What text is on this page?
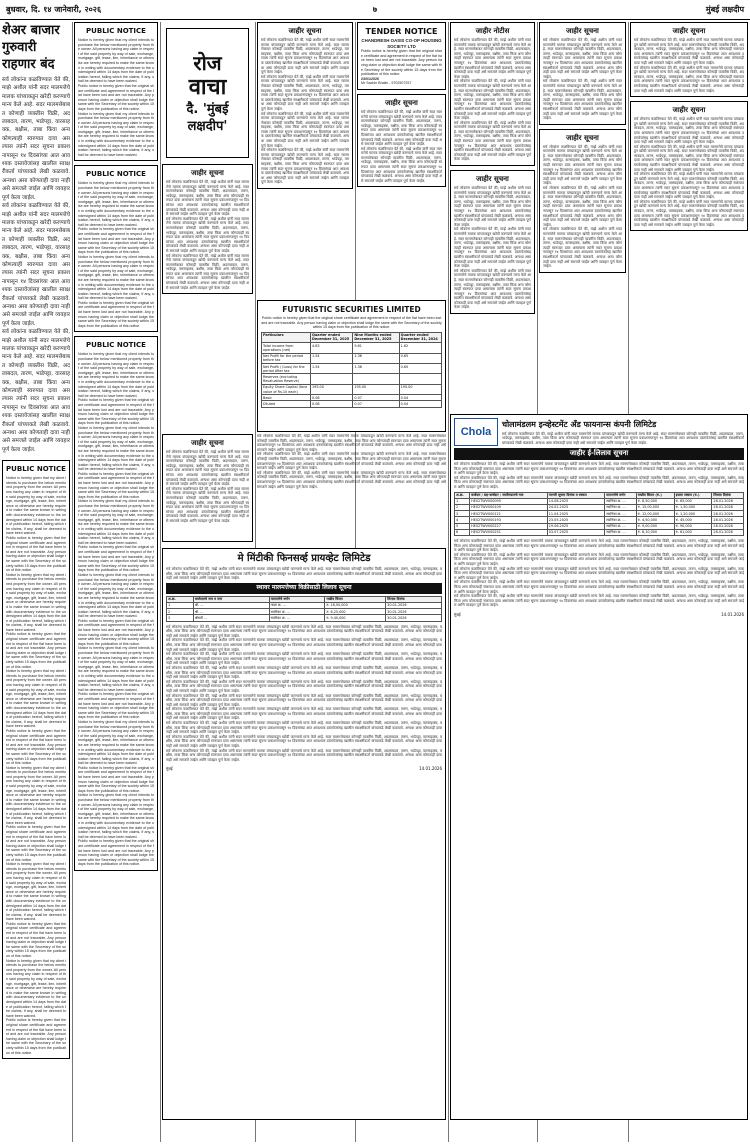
बुधवार, दि. १४ जानेवारी, २०२६	७	मुंबई लक्षदीप
शेअर बाजार गुरुवारी राहणार बंद
सर्व लोकांना कळविण्यात येते की, माझे अशील यांनी सदर मालमत्तेचे मालक यांच्याकडून खरेदी करण्याचे मान्य केले आहे. सदर मालमत्तेबाबत कोणाही व्यक्तीस विक्री, अदलाबदल, तारण, भाडेपट्टा, वारसाहक्क, बक्षीस, ताबा किंवा अन्य कोणत्याही स्वरुपात दावा असल्यास त्यांनी सदर सूचना प्रकाशनापासून १४ दिवसांच्या आत आवश्यक दस्तावेजांसह खालील स्वाक्षरीकर्ता यांच्याकडे लेखी कळवावे. अन्यथा असा कोणताही दावा नाही असे समजले जाईल आणि व्यवहार पूर्ण केला जाईल.
सर्व लोकांना कळविण्यात येते की, माझे अशील यांनी सदर मालमत्तेचे मालक यांच्याकडून खरेदी करण्याचे मान्य केले आहे. सदर मालमत्तेबाबत कोणाही व्यक्तीस विक्री, अदलाबदल, तारण, भाडेपट्टा, वारसाहक्क, बक्षीस, ताबा किंवा अन्य कोणत्याही स्वरुपात दावा असल्यास त्यांनी सदर सूचना प्रकाशनापासून १४ दिवसांच्या आत आवश्यक दस्तावेजांसह खालील स्वाक्षरीकर्ता यांच्याकडे लेखी कळवावे. अन्यथा असा कोणताही दावा नाही असे समजले जाईल आणि व्यवहार पूर्ण केला जाईल.
सर्व लोकांना कळविण्यात येते की, माझे अशील यांनी सदर मालमत्तेचे मालक यांच्याकडून खरेदी करण्याचे मान्य केले आहे. सदर मालमत्तेबाबत कोणाही व्यक्तीस विक्री, अदलाबदल, तारण, भाडेपट्टा, वारसाहक्क, बक्षीस, ताबा किंवा अन्य कोणत्याही स्वरुपात दावा असल्यास त्यांनी सदर सूचना प्रकाशनापासून १४ दिवसांच्या आत आवश्यक दस्तावेजांसह खालील स्वाक्षरीकर्ता यांच्याकडे लेखी कळवावे. अन्यथा असा कोणताही दावा नाही असे समजले जाईल आणि व्यवहार पूर्ण केला जाईल.
PUBLIC NOTICE
Notice is hereby given that my client intends to purchase the below mentioned property from the owner. All persons having any claim in respect of the said property by way of sale, exchange, mortgage, gift, lease, lien, inheritance or otherwise are hereby required to make the same known in writing with documentary evidence to the undersigned within 14 days from the date of publication hereof, failing which the claims, if any, shall be deemed to have been waived.
Public notice is hereby given that the original share certificate and agreement in respect of the flat have been lost and are not traceable. Any person having claim or objection shall lodge the same with the Secretary of the society within 15 days from the publication of this notice.
Notice is hereby given that my client intends to purchase the below mentioned property from the owner. All persons having any claim in respect of the said property by way of sale, exchange, mortgage, gift, lease, lien, inheritance or otherwise are hereby required to make the same known in writing with documentary evidence to the undersigned within 14 days from the date of publication hereof, failing which the claims, if any, shall be deemed to have been waived.
Public notice is hereby given that the original share certificate and agreement in respect of the flat have been lost and are not traceable. Any person having claim or objection shall lodge the same with the Secretary of the society within 15 days from the publication of this notice.
Notice is hereby given that my client intends to purchase the below mentioned property from the owner. All persons having any claim in respect of the said property by way of sale, exchange, mortgage, gift, lease, lien, inheritance or otherwise are hereby required to make the same known in writing with documentary evidence to the undersigned within 14 days from the date of publication hereof, failing which the claims, if any, shall be deemed to have been waived.
Public notice is hereby given that the original share certificate and agreement in respect of the flat have been lost and are not traceable. Any person having claim or objection shall lodge the same with the Secretary of the society within 15 days from the publication of this notice.
Notice is hereby given that my client intends to purchase the below mentioned property from the owner. All persons having any claim in respect of the said property by way of sale, exchange, mortgage, gift, lease, lien, inheritance or otherwise are hereby required to make the same known in writing with documentary evidence to the undersigned within 14 days from the date of publication hereof, failing which the claims, if any, shall be deemed to have been waived.
Public notice is hereby given that the original share certificate and agreement in respect of the flat have been lost and are not traceable. Any person having claim or objection shall lodge the same with the Secretary of the society within 15 days from the publication of this notice.
Notice is hereby given that my client intends to purchase the below mentioned property from the owner. All persons having any claim in respect of the said property by way of sale, exchange, mortgage, gift, lease, lien, inheritance or otherwise are hereby required to make the same known in writing with documentary evidence to the undersigned within 14 days from the date of publication hereof, failing which the claims, if any, shall be deemed to have been waived.
Public notice is hereby given that the original share certificate and agreement in respect of the flat have been lost and are not traceable. Any person having claim or objection shall lodge the same with the Secretary of the society within 15 days from the publication of this notice.
Notice is hereby given that my client intends to purchase the below mentioned property from the owner. All persons having any claim in respect of the said property by way of sale, exchange, mortgage, gift, lease, lien, inheritance or otherwise are hereby required to make the same known in writing with documentary evidence to the undersigned within 14 days from the date of publication hereof, failing which the claims, if any, shall be deemed to have been waived.
Public notice is hereby given that the original share certificate and agreement in respect of the flat have been lost and are not traceable. Any person having claim or objection shall lodge the same with the Secretary of the society within 15 days from the publication of this notice.
PUBLIC NOTICE
Notice is hereby given that my client intends to purchase the below mentioned property from the owner. All persons having any claim in respect of the said property by way of sale, exchange, mortgage, gift, lease, lien, inheritance or otherwise are hereby required to make the same known in writing with documentary evidence to the undersigned within 14 days from the date of publication hereof, failing which the claims, if any, shall be deemed to have been waived.
Public notice is hereby given that the original share certificate and agreement in respect of the flat have been lost and are not traceable. Any person having claim or objection shall lodge the same with the Secretary of the society within 15 days from the publication of this notice.
Notice is hereby given that my client intends to purchase the below mentioned property from the owner. All persons having any claim in respect of the said property by way of sale, exchange, mortgage, gift, lease, lien, inheritance or otherwise are hereby required to make the same known in writing with documentary evidence to the undersigned within 14 days from the date of publication hereof, failing which the claims, if any, shall be deemed to have been waived.
PUBLIC NOTICE
Notice is hereby given that my client intends to purchase the below mentioned property from the owner. All persons having any claim in respect of the said property by way of sale, exchange, mortgage, gift, lease, lien, inheritance or otherwise are hereby required to make the same known in writing with documentary evidence to the undersigned within 14 days from the date of publication hereof, failing which the claims, if any, shall be deemed to have been waived.
Public notice is hereby given that the original share certificate and agreement in respect of the flat have been lost and are not traceable. Any person having claim or objection shall lodge the same with the Secretary of the society within 15 days from the publication of this notice.
Notice is hereby given that my client intends to purchase the below mentioned property from the owner. All persons having any claim in respect of the said property by way of sale, exchange, mortgage, gift, lease, lien, inheritance or otherwise are hereby required to make the same known in writing with documentary evidence to the undersigned within 14 days from the date of publication hereof, failing which the claims, if any, shall be deemed to have been waived.
Public notice is hereby given that the original share certificate and agreement in respect of the flat have been lost and are not traceable. Any person having claim or objection shall lodge the same with the Secretary of the society within 15 days from the publication of this notice.
PUBLIC NOTICE
Notice is hereby given that my client intends to purchase the below mentioned property from the owner. All persons having any claim in respect of the said property by way of sale, exchange, mortgage, gift, lease, lien, inheritance or otherwise are hereby required to make the same known in writing with documentary evidence to the undersigned within 14 days from the date of publication hereof, failing which the claims, if any, shall be deemed to have been waived.
Public notice is hereby given that the original share certificate and agreement in respect of the flat have been lost and are not traceable. Any person having claim or objection shall lodge the same with the Secretary of the society within 15 days from the publication of this notice.
Notice is hereby given that my client intends to purchase the below mentioned property from the owner. All persons having any claim in respect of the said property by way of sale, exchange, mortgage, gift, lease, lien, inheritance or otherwise are hereby required to make the same known in writing with documentary evidence to the undersigned within 14 days from the date of publication hereof, failing which the claims, if any, shall be deemed to have been waived.
Public notice is hereby given that the original share certificate and agreement in respect of the flat have been lost and are not traceable. Any person having claim or objection shall lodge the same with the Secretary of the society within 15 days from the publication of this notice.
Notice is hereby given that my client intends to purchase the below mentioned property from the owner. All persons having any claim in respect of the said property by way of sale, exchange, mortgage, gift, lease, lien, inheritance or otherwise are hereby required to make the same known in writing with documentary evidence to the undersigned within 14 days from the date of publication hereof, failing which the claims, if any, shall be deemed to have been waived.
Public notice is hereby given that the original share certificate and agreement in respect of the flat have been lost and are not traceable. Any person having claim or objection shall lodge the same with the Secretary of the society within 15 days from the publication of this notice.
Notice is hereby given that my client intends to purchase the below mentioned property from the owner. All persons having any claim in respect of the said property by way of sale, exchange, mortgage, gift, lease, lien, inheritance or otherwise are hereby required to make the same known in writing with documentary evidence to the undersigned within 14 days from the date of publication hereof, failing which the claims, if any, shall be deemed to have been waived.
Public notice is hereby given that the original share certificate and agreement in respect of the flat have been lost and are not traceable. Any person having claim or objection shall lodge the same with the Secretary of the society within 15 days from the publication of this notice.
Notice is hereby given that my client intends to purchase the below mentioned property from the owner. All persons having any claim in respect of the said property by way of sale, exchange, mortgage, gift, lease, lien, inheritance or otherwise are hereby required to make the same known in writing with documentary evidence to the undersigned within 14 days from the date of publication hereof, failing which the claims, if any, shall be deemed to have been waived.
Public notice is hereby given that the original share certificate and agreement in respect of the flat have been lost and are not traceable. Any person having claim or objection shall lodge the same with the Secretary of the society within 15 days from the publication of this notice.
Notice is hereby given that my client intends to purchase the below mentioned property from the owner. All persons having any claim in respect of the said property by way of sale, exchange, mortgage, gift, lease, lien, inheritance or otherwise are hereby required to make the same known in writing with documentary evidence to the undersigned within 14 days from the date of publication hereof, failing which the claims, if any, shall be deemed to have been waived.
Public notice is hereby given that the original share certificate and agreement in respect of the flat have been lost and are not traceable. Any person having claim or objection shall lodge the same with the Secretary of the society within 15 days from the publication of this notice.
Notice is hereby given that my client intends to purchase the below mentioned property from the owner. All persons having any claim in respect of the said property by way of sale, exchange, mortgage, gift, lease, lien, inheritance or otherwise are hereby required to make the same known in writing with documentary evidence to the undersigned within 14 days from the date of publication hereof, failing which the claims, if any, shall be deemed to have been waived.
Public notice is hereby given that the original share certificate and agreement in respect of the flat have been lost and are not traceable. Any person having claim or objection shall lodge the same with the Secretary of the society within 15 days from the publication of this notice.
रोज
वाचा
दै. 'मुंबई
लक्षदीप'
जाहीर सूचना
सर्व लोकांना कळविण्यात येते की, माझे अशील यांनी सदर मालमत्तेचे मालक यांच्याकडून खरेदी करण्याचे मान्य केले आहे. सदर मालमत्तेबाबत कोणाही व्यक्तीस विक्री, अदलाबदल, तारण, भाडेपट्टा, वारसाहक्क, बक्षीस, ताबा किंवा अन्य कोणत्याही स्वरुपात दावा असल्यास त्यांनी सदर सूचना प्रकाशनापासून १४ दिवसांच्या आत आवश्यक दस्तावेजांसह खालील स्वाक्षरीकर्ता यांच्याकडे लेखी कळवावे. अन्यथा असा कोणताही दावा नाही असे समजले जाईल आणि व्यवहार पूर्ण केला जाईल.
सर्व लोकांना कळविण्यात येते की, माझे अशील यांनी सदर मालमत्तेचे मालक यांच्याकडून खरेदी करण्याचे मान्य केले आहे. सदर मालमत्तेबाबत कोणाही व्यक्तीस विक्री, अदलाबदल, तारण, भाडेपट्टा, वारसाहक्क, बक्षीस, ताबा किंवा अन्य कोणत्याही स्वरुपात दावा असल्यास त्यांनी सदर सूचना प्रकाशनापासून १४ दिवसांच्या आत आवश्यक दस्तावेजांसह खालील स्वाक्षरीकर्ता यांच्याकडे लेखी कळवावे. अन्यथा असा कोणताही दावा नाही असे समजले जाईल आणि व्यवहार पूर्ण केला जाईल.
सर्व लोकांना कळविण्यात येते की, माझे अशील यांनी सदर मालमत्तेचे मालक यांच्याकडून खरेदी करण्याचे मान्य केले आहे. सदर मालमत्तेबाबत कोणाही व्यक्तीस विक्री, अदलाबदल, तारण, भाडेपट्टा, वारसाहक्क, बक्षीस, ताबा किंवा अन्य कोणत्याही स्वरुपात दावा असल्यास त्यांनी सदर सूचना प्रकाशनापासून १४ दिवसांच्या आत आवश्यक दस्तावेजांसह खालील स्वाक्षरीकर्ता यांच्याकडे लेखी कळवावे. अन्यथा असा कोणताही दावा नाही असे समजले जाईल आणि व्यवहार पूर्ण केला जाईल.
जाहीर सूचना
सर्व लोकांना कळविण्यात येते की, माझे अशील यांनी सदर मालमत्तेचे मालक यांच्याकडून खरेदी करण्याचे मान्य केले आहे. सदर मालमत्तेबाबत कोणाही व्यक्तीस विक्री, अदलाबदल, तारण, भाडेपट्टा, वारसाहक्क, बक्षीस, ताबा किंवा अन्य कोणत्याही स्वरुपात दावा असल्यास त्यांनी सदर सूचना प्रकाशनापासून १४ दिवसांच्या आत आवश्यक दस्तावेजांसह खालील स्वाक्षरीकर्ता यांच्याकडे लेखी कळवावे. अन्यथा असा कोणताही दावा नाही असे समजले जाईल आणि व्यवहार पूर्ण केला जाईल.
सर्व लोकांना कळविण्यात येते की, माझे अशील यांनी सदर मालमत्तेचे मालक यांच्याकडून खरेदी करण्याचे मान्य केले आहे. सदर मालमत्तेबाबत कोणाही व्यक्तीस विक्री, अदलाबदल, तारण, भाडेपट्टा, वारसाहक्क, बक्षीस, ताबा किंवा अन्य कोणत्याही स्वरुपात दावा असल्यास त्यांनी सदर सूचना प्रकाशनापासून १४ दिवसांच्या आत आवश्यक दस्तावेजांसह खालील स्वाक्षरीकर्ता यांच्याकडे लेखी कळवावे. अन्यथा असा कोणताही दावा नाही असे समजले जाईल आणि व्यवहार पूर्ण केला जाईल.
सर्व लोकांना कळविण्यात येते की, माझे अशील यांनी सदर मालमत्तेचे मालक यांच्याकडून खरेदी करण्याचे मान्य केले आहे. सदर मालमत्तेबाबत कोणाही व्यक्तीस विक्री, अदलाबदल, तारण, भाडेपट्टा, वारसाहक्क, बक्षीस, ताबा किंवा अन्य कोणत्याही स्वरुपात दावा असल्यास त्यांनी सदर सूचना प्रकाशनापासून १४ दिवसांच्या आत आवश्यक दस्तावेजांसह खालील स्वाक्षरीकर्ता यांच्याकडे लेखी कळवावे. अन्यथा असा कोणताही दावा नाही असे समजले जाईल आणि व्यवहार पूर्ण केला जाईल.
सर्व लोकांना कळविण्यात येते की, माझे अशील यांनी सदर मालमत्तेचे मालक यांच्याकडून खरेदी करण्याचे मान्य केले आहे. सदर मालमत्तेबाबत कोणाही व्यक्तीस विक्री, अदलाबदल, तारण, भाडेपट्टा, वारसाहक्क, बक्षीस, ताबा किंवा अन्य कोणत्याही स्वरुपात दावा असल्यास त्यांनी सदर सूचना प्रकाशनापासून १४ दिवसांच्या आत आवश्यक दस्तावेजांसह खालील स्वाक्षरीकर्ता यांच्याकडे लेखी कळवावे. अन्यथा असा कोणताही दावा नाही असे समजले जाईल आणि व्यवहार पूर्ण केला जाईल.
TENDER NOTICE
CHANDRESH OASIS CO-OP HOUSING SOCIETY LTD
Public notice is hereby given that the original share certificate and agreement in respect of the flat have been lost and are not traceable. Any person having claim or objection shall lodge the same with the Secretary of the society within 15 days from the publication of this notice.
23/01/2026
Mr Sachin Bhalin - 9702507257
जाहीर सूचना
सर्व लोकांना कळविण्यात येते की, माझे अशील यांनी सदर मालमत्तेचे मालक यांच्याकडून खरेदी करण्याचे मान्य केले आहे. सदर मालमत्तेबाबत कोणाही व्यक्तीस विक्री, अदलाबदल, तारण, भाडेपट्टा, वारसाहक्क, बक्षीस, ताबा किंवा अन्य कोणत्याही स्वरुपात दावा असल्यास त्यांनी सदर सूचना प्रकाशनापासून १४ दिवसांच्या आत आवश्यक दस्तावेजांसह खालील स्वाक्षरीकर्ता यांच्याकडे लेखी कळवावे. अन्यथा असा कोणताही दावा नाही असे समजले जाईल आणि व्यवहार पूर्ण केला जाईल.
सर्व लोकांना कळविण्यात येते की, माझे अशील यांनी सदर मालमत्तेचे मालक यांच्याकडून खरेदी करण्याचे मान्य केले आहे. सदर मालमत्तेबाबत कोणाही व्यक्तीस विक्री, अदलाबदल, तारण, भाडेपट्टा, वारसाहक्क, बक्षीस, ताबा किंवा अन्य कोणत्याही स्वरुपात दावा असल्यास त्यांनी सदर सूचना प्रकाशनापासून १४ दिवसांच्या आत आवश्यक दस्तावेजांसह खालील स्वाक्षरीकर्ता यांच्याकडे लेखी कळवावे. अन्यथा असा कोणताही दावा नाही असे समजले जाईल आणि व्यवहार पूर्ण केला जाईल.
जाहीर नोटीस
सर्व लोकांना कळविण्यात येते की, माझे अशील यांनी सदर मालमत्तेचे मालक यांच्याकडून खरेदी करण्याचे मान्य केले आहे. सदर मालमत्तेबाबत कोणाही व्यक्तीस विक्री, अदलाबदल, तारण, भाडेपट्टा, वारसाहक्क, बक्षीस, ताबा किंवा अन्य कोणत्याही स्वरुपात दावा असल्यास त्यांनी सदर सूचना प्रकाशनापासून १४ दिवसांच्या आत आवश्यक दस्तावेजांसह खालील स्वाक्षरीकर्ता यांच्याकडे लेखी कळवावे. अन्यथा असा कोणताही दावा नाही असे समजले जाईल आणि व्यवहार पूर्ण केला जाईल.
सर्व लोकांना कळविण्यात येते की, माझे अशील यांनी सदर मालमत्तेचे मालक यांच्याकडून खरेदी करण्याचे मान्य केले आहे. सदर मालमत्तेबाबत कोणाही व्यक्तीस विक्री, अदलाबदल, तारण, भाडेपट्टा, वारसाहक्क, बक्षीस, ताबा किंवा अन्य कोणत्याही स्वरुपात दावा असल्यास त्यांनी सदर सूचना प्रकाशनापासून १४ दिवसांच्या आत आवश्यक दस्तावेजांसह खालील स्वाक्षरीकर्ता यांच्याकडे लेखी कळवावे. अन्यथा असा कोणताही दावा नाही असे समजले जाईल आणि व्यवहार पूर्ण केला जाईल.
सर्व लोकांना कळविण्यात येते की, माझे अशील यांनी सदर मालमत्तेचे मालक यांच्याकडून खरेदी करण्याचे मान्य केले आहे. सदर मालमत्तेबाबत कोणाही व्यक्तीस विक्री, अदलाबदल, तारण, भाडेपट्टा, वारसाहक्क, बक्षीस, ताबा किंवा अन्य कोणत्याही स्वरुपात दावा असल्यास त्यांनी सदर सूचना प्रकाशनापासून १४ दिवसांच्या आत आवश्यक दस्तावेजांसह खालील स्वाक्षरीकर्ता यांच्याकडे लेखी कळवावे. अन्यथा असा कोणताही दावा नाही असे समजले जाईल आणि व्यवहार पूर्ण केला जाईल.
जाहीर सूचना
सर्व लोकांना कळविण्यात येते की, माझे अशील यांनी सदर मालमत्तेचे मालक यांच्याकडून खरेदी करण्याचे मान्य केले आहे. सदर मालमत्तेबाबत कोणाही व्यक्तीस विक्री, अदलाबदल, तारण, भाडेपट्टा, वारसाहक्क, बक्षीस, ताबा किंवा अन्य कोणत्याही स्वरुपात दावा असल्यास त्यांनी सदर सूचना प्रकाशनापासून १४ दिवसांच्या आत आवश्यक दस्तावेजांसह खालील स्वाक्षरीकर्ता यांच्याकडे लेखी कळवावे. अन्यथा असा कोणताही दावा नाही असे समजले जाईल आणि व्यवहार पूर्ण केला जाईल.
सर्व लोकांना कळविण्यात येते की, माझे अशील यांनी सदर मालमत्तेचे मालक यांच्याकडून खरेदी करण्याचे मान्य केले आहे. सदर मालमत्तेबाबत कोणाही व्यक्तीस विक्री, अदलाबदल, तारण, भाडेपट्टा, वारसाहक्क, बक्षीस, ताबा किंवा अन्य कोणत्याही स्वरुपात दावा असल्यास त्यांनी सदर सूचना प्रकाशनापासून १४ दिवसांच्या आत आवश्यक दस्तावेजांसह खालील स्वाक्षरीकर्ता यांच्याकडे लेखी कळवावे. अन्यथा असा कोणताही दावा नाही असे समजले जाईल आणि व्यवहार पूर्ण केला जाईल.
सर्व लोकांना कळविण्यात येते की, माझे अशील यांनी सदर मालमत्तेचे मालक यांच्याकडून खरेदी करण्याचे मान्य केले आहे. सदर मालमत्तेबाबत कोणाही व्यक्तीस विक्री, अदलाबदल, तारण, भाडेपट्टा, वारसाहक्क, बक्षीस, ताबा किंवा अन्य कोणत्याही स्वरुपात दावा असल्यास त्यांनी सदर सूचना प्रकाशनापासून १४ दिवसांच्या आत आवश्यक दस्तावेजांसह खालील स्वाक्षरीकर्ता यांच्याकडे लेखी कळवावे. अन्यथा असा कोणताही दावा नाही असे समजले जाईल आणि व्यवहार पूर्ण केला जाईल.
जाहीर सूचना
सर्व लोकांना कळविण्यात येते की, माझे अशील यांनी सदर मालमत्तेचे मालक यांच्याकडून खरेदी करण्याचे मान्य केले आहे. सदर मालमत्तेबाबत कोणाही व्यक्तीस विक्री, अदलाबदल, तारण, भाडेपट्टा, वारसाहक्क, बक्षीस, ताबा किंवा अन्य कोणत्याही स्वरुपात दावा असल्यास त्यांनी सदर सूचना प्रकाशनापासून १४ दिवसांच्या आत आवश्यक दस्तावेजांसह खालील स्वाक्षरीकर्ता यांच्याकडे लेखी कळवावे. अन्यथा असा कोणताही दावा नाही असे समजले जाईल आणि व्यवहार पूर्ण केला जाईल.
सर्व लोकांना कळविण्यात येते की, माझे अशील यांनी सदर मालमत्तेचे मालक यांच्याकडून खरेदी करण्याचे मान्य केले आहे. सदर मालमत्तेबाबत कोणाही व्यक्तीस विक्री, अदलाबदल, तारण, भाडेपट्टा, वारसाहक्क, बक्षीस, ताबा किंवा अन्य कोणत्याही स्वरुपात दावा असल्यास त्यांनी सदर सूचना प्रकाशनापासून १४ दिवसांच्या आत आवश्यक दस्तावेजांसह खालील स्वाक्षरीकर्ता यांच्याकडे लेखी कळवावे. अन्यथा असा कोणताही दावा नाही असे समजले जाईल आणि व्यवहार पूर्ण केला जाईल.
जाहीर सूचना
सर्व लोकांना कळविण्यात येते की, माझे अशील यांनी सदर मालमत्तेचे मालक यांच्याकडून खरेदी करण्याचे मान्य केले आहे. सदर मालमत्तेबाबत कोणाही व्यक्तीस विक्री, अदलाबदल, तारण, भाडेपट्टा, वारसाहक्क, बक्षीस, ताबा किंवा अन्य कोणत्याही स्वरुपात दावा असल्यास त्यांनी सदर सूचना प्रकाशनापासून १४ दिवसांच्या आत आवश्यक दस्तावेजांसह खालील स्वाक्षरीकर्ता यांच्याकडे लेखी कळवावे. अन्यथा असा कोणताही दावा नाही असे समजले जाईल आणि व्यवहार पूर्ण केला जाईल.
सर्व लोकांना कळविण्यात येते की, माझे अशील यांनी सदर मालमत्तेचे मालक यांच्याकडून खरेदी करण्याचे मान्य केले आहे. सदर मालमत्तेबाबत कोणाही व्यक्तीस विक्री, अदलाबदल, तारण, भाडेपट्टा, वारसाहक्क, बक्षीस, ताबा किंवा अन्य कोणत्याही स्वरुपात दावा असल्यास त्यांनी सदर सूचना प्रकाशनापासून १४ दिवसांच्या आत आवश्यक दस्तावेजांसह खालील स्वाक्षरीकर्ता यांच्याकडे लेखी कळवावे. अन्यथा असा कोणताही दावा नाही असे समजले जाईल आणि व्यवहार पूर्ण केला जाईल.
सर्व लोकांना कळविण्यात येते की, माझे अशील यांनी सदर मालमत्तेचे मालक यांच्याकडून खरेदी करण्याचे मान्य केले आहे. सदर मालमत्तेबाबत कोणाही व्यक्तीस विक्री, अदलाबदल, तारण, भाडेपट्टा, वारसाहक्क, बक्षीस, ताबा किंवा अन्य कोणत्याही स्वरुपात दावा असल्यास त्यांनी सदर सूचना प्रकाशनापासून १४ दिवसांच्या आत आवश्यक दस्तावेजांसह खालील स्वाक्षरीकर्ता यांच्याकडे लेखी कळवावे. अन्यथा असा कोणताही दावा नाही असे समजले जाईल आणि व्यवहार पूर्ण केला जाईल.
जाहीर सूचना
सर्व लोकांना कळविण्यात येते की, माझे अशील यांनी सदर मालमत्तेचे मालक यांच्याकडून खरेदी करण्याचे मान्य केले आहे. सदर मालमत्तेबाबत कोणाही व्यक्तीस विक्री, अदलाबदल, तारण, भाडेपट्टा, वारसाहक्क, बक्षीस, ताबा किंवा अन्य कोणत्याही स्वरुपात दावा असल्यास त्यांनी सदर सूचना प्रकाशनापासून १४ दिवसांच्या आत आवश्यक दस्तावेजांसह खालील स्वाक्षरीकर्ता यांच्याकडे लेखी कळवावे. अन्यथा असा कोणताही दावा नाही असे समजले जाईल आणि व्यवहार पूर्ण केला जाईल.
सर्व लोकांना कळविण्यात येते की, माझे अशील यांनी सदर मालमत्तेचे मालक यांच्याकडून खरेदी करण्याचे मान्य केले आहे. सदर मालमत्तेबाबत कोणाही व्यक्तीस विक्री, अदलाबदल, तारण, भाडेपट्टा, वारसाहक्क, बक्षीस, ताबा किंवा अन्य कोणत्याही स्वरुपात दावा असल्यास त्यांनी सदर सूचना प्रकाशनापासून १४ दिवसांच्या आत आवश्यक दस्तावेजांसह खालील स्वाक्षरीकर्ता यांच्याकडे लेखी कळवावे. अन्यथा असा कोणताही दावा नाही असे समजले जाईल आणि व्यवहार पूर्ण केला जाईल.
जाहीर सूचना
सर्व लोकांना कळविण्यात येते की, माझे अशील यांनी सदर मालमत्तेचे मालक यांच्याकडून खरेदी करण्याचे मान्य केले आहे. सदर मालमत्तेबाबत कोणाही व्यक्तीस विक्री, अदलाबदल, तारण, भाडेपट्टा, वारसाहक्क, बक्षीस, ताबा किंवा अन्य कोणत्याही स्वरुपात दावा असल्यास त्यांनी सदर सूचना प्रकाशनापासून १४ दिवसांच्या आत आवश्यक दस्तावेजांसह खालील स्वाक्षरीकर्ता यांच्याकडे लेखी कळवावे. अन्यथा असा कोणताही दावा नाही असे समजले जाईल आणि व्यवहार पूर्ण केला जाईल.
सर्व लोकांना कळविण्यात येते की, माझे अशील यांनी सदर मालमत्तेचे मालक यांच्याकडून खरेदी करण्याचे मान्य केले आहे. सदर मालमत्तेबाबत कोणाही व्यक्तीस विक्री, अदलाबदल, तारण, भाडेपट्टा, वारसाहक्क, बक्षीस, ताबा किंवा अन्य कोणत्याही स्वरुपात दावा असल्यास त्यांनी सदर सूचना प्रकाशनापासून १४ दिवसांच्या आत आवश्यक दस्तावेजांसह खालील स्वाक्षरीकर्ता यांच्याकडे लेखी कळवावे. अन्यथा असा कोणताही दावा नाही असे समजले जाईल आणि व्यवहार पूर्ण केला जाईल.
सर्व लोकांना कळविण्यात येते की, माझे अशील यांनी सदर मालमत्तेचे मालक यांच्याकडून खरेदी करण्याचे मान्य केले आहे. सदर मालमत्तेबाबत कोणाही व्यक्तीस विक्री, अदलाबदल, तारण, भाडेपट्टा, वारसाहक्क, बक्षीस, ताबा किंवा अन्य कोणत्याही स्वरुपात दावा असल्यास त्यांनी सदर सूचना प्रकाशनापासून १४ दिवसांच्या आत आवश्यक दस्तावेजांसह खालील स्वाक्षरीकर्ता यांच्याकडे लेखी कळवावे. अन्यथा असा कोणताही दावा नाही असे समजले जाईल आणि व्यवहार पूर्ण केला जाईल.
सर्व लोकांना कळविण्यात येते की, माझे अशील यांनी सदर मालमत्तेचे मालक यांच्याकडून खरेदी करण्याचे मान्य केले आहे. सदर मालमत्तेबाबत कोणाही व्यक्तीस विक्री, अदलाबदल, तारण, भाडेपट्टा, वारसाहक्क, बक्षीस, ताबा किंवा अन्य कोणत्याही स्वरुपात दावा असल्यास त्यांनी सदर सूचना प्रकाशनापासून १४ दिवसांच्या आत आवश्यक दस्तावेजांसह खालील स्वाक्षरीकर्ता यांच्याकडे लेखी कळवावे. अन्यथा असा कोणताही दावा नाही असे समजले जाईल आणि व्यवहार पूर्ण केला जाईल.
FUTURISTIC SECURITIES LIMITED
Public notice is hereby given that the original share certificate and agreement in respect of the flat have been lost and are not traceable. Any person having claim or objection shall lodge the same with the Secretary of the society within 15 days from the publication of this notice.
Particulars	Quarter ended December 31, 2025	Nine Months ended December 31, 2025	Quarter ended December 31, 2024
Total income from operations (net)	4.83	9.61	1.62
Net Profit for the period before tax	1.54	1.36	0.65
Net Profit / (Loss) for the period After tax	1.54	1.36	0.65
Reserves (excluding Revaluation Reserve)			
Equity Share Capital (face value of Rs.10 each)	195.00	195.00	195.00
Basic	0.08	0.07	0.04
Diluted	0.08	0.07	0.04
जाहीर सूचना
सर्व लोकांना कळविण्यात येते की, माझे अशील यांनी सदर मालमत्तेचे मालक यांच्याकडून खरेदी करण्याचे मान्य केले आहे. सदर मालमत्तेबाबत कोणाही व्यक्तीस विक्री, अदलाबदल, तारण, भाडेपट्टा, वारसाहक्क, बक्षीस, ताबा किंवा अन्य कोणत्याही स्वरुपात दावा असल्यास त्यांनी सदर सूचना प्रकाशनापासून १४ दिवसांच्या आत आवश्यक दस्तावेजांसह खालील स्वाक्षरीकर्ता यांच्याकडे लेखी कळवावे. अन्यथा असा कोणताही दावा नाही असे समजले जाईल आणि व्यवहार पूर्ण केला जाईल.
सर्व लोकांना कळविण्यात येते की, माझे अशील यांनी सदर मालमत्तेचे मालक यांच्याकडून खरेदी करण्याचे मान्य केले आहे. सदर मालमत्तेबाबत कोणाही व्यक्तीस विक्री, अदलाबदल, तारण, भाडेपट्टा, वारसाहक्क, बक्षीस, ताबा किंवा अन्य कोणत्याही स्वरुपात दावा असल्यास त्यांनी सदर सूचना प्रकाशनापासून १४ दिवसांच्या आत आवश्यक दस्तावेजांसह खालील स्वाक्षरीकर्ता यांच्याकडे लेखी कळवावे. अन्यथा असा कोणताही दावा नाही असे समजले जाईल आणि व्यवहार पूर्ण केला जाईल.
सर्व लोकांना कळविण्यात येते की, माझे अशील यांनी सदर मालमत्तेचे मालक यांच्याकडून खरेदी करण्याचे मान्य केले आहे. सदर मालमत्तेबाबत कोणाही व्यक्तीस विक्री, अदलाबदल, तारण, भाडेपट्टा, वारसाहक्क, बक्षीस, ताबा किंवा अन्य कोणत्याही स्वरुपात दावा असल्यास त्यांनी सदर सूचना प्रकाशनापासून १४ दिवसांच्या आत आवश्यक दस्तावेजांसह खालील स्वाक्षरीकर्ता यांच्याकडे लेखी कळवावे. अन्यथा असा कोणताही दावा नाही असे समजले जाईल आणि व्यवहार पूर्ण केला जाईल.
सर्व लोकांना कळविण्यात येते की, माझे अशील यांनी सदर मालमत्तेचे मालक यांच्याकडून खरेदी करण्याचे मान्य केले आहे. सदर मालमत्तेबाबत कोणाही व्यक्तीस विक्री, अदलाबदल, तारण, भाडेपट्टा, वारसाहक्क, बक्षीस, ताबा किंवा अन्य कोणत्याही स्वरुपात दावा असल्यास त्यांनी सदर सूचना प्रकाशनापासून १४ दिवसांच्या आत आवश्यक दस्तावेजांसह खालील स्वाक्षरीकर्ता यांच्याकडे लेखी कळवावे. अन्यथा असा कोणताही दावा नाही असे समजले जाईल आणि व्यवहार पूर्ण केला जाईल.
सर्व लोकांना कळविण्यात येते की, माझे अशील यांनी सदर मालमत्तेचे मालक यांच्याकडून खरेदी करण्याचे मान्य केले आहे. सदर मालमत्तेबाबत कोणाही व्यक्तीस विक्री, अदलाबदल, तारण, भाडेपट्टा, वारसाहक्क, बक्षीस, ताबा किंवा अन्य कोणत्याही स्वरुपात दावा असल्यास त्यांनी सदर सूचना प्रकाशनापासून १४ दिवसांच्या आत आवश्यक दस्तावेजांसह खालील स्वाक्षरीकर्ता यांच्याकडे लेखी कळवावे. अन्यथा असा कोणताही दावा नाही असे समजले जाईल आणि व्यवहार पूर्ण केला जाईल.
मे मिंटीकी फिनसर्व्ह प्रायव्हेट लिमिटेड
सर्व लोकांना कळविण्यात येते की, माझे अशील यांनी सदर मालमत्तेचे मालक यांच्याकडून खरेदी करण्याचे मान्य केले आहे. सदर मालमत्तेबाबत कोणाही व्यक्तीस विक्री, अदलाबदल, तारण, भाडेपट्टा, वारसाहक्क, बक्षीस, ताबा किंवा अन्य कोणत्याही स्वरुपात दावा असल्यास त्यांनी सदर सूचना प्रकाशनापासून १४ दिवसांच्या आत आवश्यक दस्तावेजांसह खालील स्वाक्षरीकर्ता यांच्याकडे लेखी कळवावे. अन्यथा असा कोणताही दावा नाही असे समजले जाईल आणि व्यवहार पूर्ण केला जाईल.
स्थावर मालमत्तेच्या विक्रीसाठी लिलाव सूचना
अ.क्र.	कर्जदाराचे नाव व पत्ता	मालमत्तेचे वर्णन	राखीव किंमत	लिलाव दिनांक
1	श्री. ...	गाळा क्र. ...	रु. 18,50,000	30.01.2026
2	श्री. ...	सदनिका क्र. ...	रु. 6,25,000	30.01.2026
3	श्रीमती ...	सदनिका क्र. ...	रु. 9,40,000	30.01.2026
सर्व लोकांना कळविण्यात येते की, माझे अशील यांनी सदर मालमत्तेचे मालक यांच्याकडून खरेदी करण्याचे मान्य केले आहे. सदर मालमत्तेबाबत कोणाही व्यक्तीस विक्री, अदलाबदल, तारण, भाडेपट्टा, वारसाहक्क, बक्षीस, ताबा किंवा अन्य कोणत्याही स्वरुपात दावा असल्यास त्यांनी सदर सूचना प्रकाशनापासून १४ दिवसांच्या आत आवश्यक दस्तावेजांसह खालील स्वाक्षरीकर्ता यांच्याकडे लेखी कळवावे. अन्यथा असा कोणताही दावा नाही असे समजले जाईल आणि व्यवहार पूर्ण केला जाईल.
सर्व लोकांना कळविण्यात येते की, माझे अशील यांनी सदर मालमत्तेचे मालक यांच्याकडून खरेदी करण्याचे मान्य केले आहे. सदर मालमत्तेबाबत कोणाही व्यक्तीस विक्री, अदलाबदल, तारण, भाडेपट्टा, वारसाहक्क, बक्षीस, ताबा किंवा अन्य कोणत्याही स्वरुपात दावा असल्यास त्यांनी सदर सूचना प्रकाशनापासून १४ दिवसांच्या आत आवश्यक दस्तावेजांसह खालील स्वाक्षरीकर्ता यांच्याकडे लेखी कळवावे. अन्यथा असा कोणताही दावा नाही असे समजले जाईल आणि व्यवहार पूर्ण केला जाईल.
सर्व लोकांना कळविण्यात येते की, माझे अशील यांनी सदर मालमत्तेचे मालक यांच्याकडून खरेदी करण्याचे मान्य केले आहे. सदर मालमत्तेबाबत कोणाही व्यक्तीस विक्री, अदलाबदल, तारण, भाडेपट्टा, वारसाहक्क, बक्षीस, ताबा किंवा अन्य कोणत्याही स्वरुपात दावा असल्यास त्यांनी सदर सूचना प्रकाशनापासून १४ दिवसांच्या आत आवश्यक दस्तावेजांसह खालील स्वाक्षरीकर्ता यांच्याकडे लेखी कळवावे. अन्यथा असा कोणताही दावा नाही असे समजले जाईल आणि व्यवहार पूर्ण केला जाईल.
सर्व लोकांना कळविण्यात येते की, माझे अशील यांनी सदर मालमत्तेचे मालक यांच्याकडून खरेदी करण्याचे मान्य केले आहे. सदर मालमत्तेबाबत कोणाही व्यक्तीस विक्री, अदलाबदल, तारण, भाडेपट्टा, वारसाहक्क, बक्षीस, ताबा किंवा अन्य कोणत्याही स्वरुपात दावा असल्यास त्यांनी सदर सूचना प्रकाशनापासून १४ दिवसांच्या आत आवश्यक दस्तावेजांसह खालील स्वाक्षरीकर्ता यांच्याकडे लेखी कळवावे. अन्यथा असा कोणताही दावा नाही असे समजले जाईल आणि व्यवहार पूर्ण केला जाईल.
सर्व लोकांना कळविण्यात येते की, माझे अशील यांनी सदर मालमत्तेचे मालक यांच्याकडून खरेदी करण्याचे मान्य केले आहे. सदर मालमत्तेबाबत कोणाही व्यक्तीस विक्री, अदलाबदल, तारण, भाडेपट्टा, वारसाहक्क, बक्षीस, ताबा किंवा अन्य कोणत्याही स्वरुपात दावा असल्यास त्यांनी सदर सूचना प्रकाशनापासून १४ दिवसांच्या आत आवश्यक दस्तावेजांसह खालील स्वाक्षरीकर्ता यांच्याकडे लेखी कळवावे. अन्यथा असा कोणताही दावा नाही असे समजले जाईल आणि व्यवहार पूर्ण केला जाईल.
सर्व लोकांना कळविण्यात येते की, माझे अशील यांनी सदर मालमत्तेचे मालक यांच्याकडून खरेदी करण्याचे मान्य केले आहे. सदर मालमत्तेबाबत कोणाही व्यक्तीस विक्री, अदलाबदल, तारण, भाडेपट्टा, वारसाहक्क, बक्षीस, ताबा किंवा अन्य कोणत्याही स्वरुपात दावा असल्यास त्यांनी सदर सूचना प्रकाशनापासून १४ दिवसांच्या आत आवश्यक दस्तावेजांसह खालील स्वाक्षरीकर्ता यांच्याकडे लेखी कळवावे. अन्यथा असा कोणताही दावा नाही असे समजले जाईल आणि व्यवहार पूर्ण केला जाईल.
सर्व लोकांना कळविण्यात येते की, माझे अशील यांनी सदर मालमत्तेचे मालक यांच्याकडून खरेदी करण्याचे मान्य केले आहे. सदर मालमत्तेबाबत कोणाही व्यक्तीस विक्री, अदलाबदल, तारण, भाडेपट्टा, वारसाहक्क, बक्षीस, ताबा किंवा अन्य कोणत्याही स्वरुपात दावा असल्यास त्यांनी सदर सूचना प्रकाशनापासून १४ दिवसांच्या आत आवश्यक दस्तावेजांसह खालील स्वाक्षरीकर्ता यांच्याकडे लेखी कळवावे. अन्यथा असा कोणताही दावा नाही असे समजले जाईल आणि व्यवहार पूर्ण केला जाईल.
सर्व लोकांना कळविण्यात येते की, माझे अशील यांनी सदर मालमत्तेचे मालक यांच्याकडून खरेदी करण्याचे मान्य केले आहे. सदर मालमत्तेबाबत कोणाही व्यक्तीस विक्री, अदलाबदल, तारण, भाडेपट्टा, वारसाहक्क, बक्षीस, ताबा किंवा अन्य कोणत्याही स्वरुपात दावा असल्यास त्यांनी सदर सूचना प्रकाशनापासून १४ दिवसांच्या आत आवश्यक दस्तावेजांसह खालील स्वाक्षरीकर्ता यांच्याकडे लेखी कळवावे. अन्यथा असा कोणताही दावा नाही असे समजले जाईल आणि व्यवहार पूर्ण केला जाईल.
सर्व लोकांना कळविण्यात येते की, माझे अशील यांनी सदर मालमत्तेचे मालक यांच्याकडून खरेदी करण्याचे मान्य केले आहे. सदर मालमत्तेबाबत कोणाही व्यक्तीस विक्री, अदलाबदल, तारण, भाडेपट्टा, वारसाहक्क, बक्षीस, ताबा किंवा अन्य कोणत्याही स्वरुपात दावा असल्यास त्यांनी सदर सूचना प्रकाशनापासून १४ दिवसांच्या आत आवश्यक दस्तावेजांसह खालील स्वाक्षरीकर्ता यांच्याकडे लेखी कळवावे. अन्यथा असा कोणताही दावा नाही असे समजले जाईल आणि व्यवहार पूर्ण केला जाईल.
सर्व लोकांना कळविण्यात येते की, माझे अशील यांनी सदर मालमत्तेचे मालक यांच्याकडून खरेदी करण्याचे मान्य केले आहे. सदर मालमत्तेबाबत कोणाही व्यक्तीस विक्री, अदलाबदल, तारण, भाडेपट्टा, वारसाहक्क, बक्षीस, ताबा किंवा अन्य कोणत्याही स्वरुपात दावा असल्यास त्यांनी सदर सूचना प्रकाशनापासून १४ दिवसांच्या आत आवश्यक दस्तावेजांसह खालील स्वाक्षरीकर्ता यांच्याकडे लेखी कळवावे. अन्यथा असा कोणताही दावा नाही असे समजले जाईल आणि व्यवहार पूर्ण केला जाईल.
मुंबई	14.01.2026
Chola
चोलामंडलम इन्व्हेस्टमेंट अँड फायनान्स कंपनी लिमिटेड
सर्व लोकांना कळविण्यात येते की, माझे अशील यांनी सदर मालमत्तेचे मालक यांच्याकडून खरेदी करण्याचे मान्य केले आहे. सदर मालमत्तेबाबत कोणाही व्यक्तीस विक्री, अदलाबदल, तारण, भाडेपट्टा, वारसाहक्क, बक्षीस, ताबा किंवा अन्य कोणत्याही स्वरुपात दावा असल्यास त्यांनी सदर सूचना प्रकाशनापासून १४ दिवसांच्या आत आवश्यक दस्तावेजांसह खालील स्वाक्षरीकर्ता यांच्याकडे लेखी कळवावे. अन्यथा असा कोणताही दावा नाही असे समजले जाईल आणि व्यवहार पूर्ण केला जाईल.
जाहीर ई-लिलाव सूचना
सर्व लोकांना कळविण्यात येते की, माझे अशील यांनी सदर मालमत्तेचे मालक यांच्याकडून खरेदी करण्याचे मान्य केले आहे. सदर मालमत्तेबाबत कोणाही व्यक्तीस विक्री, अदलाबदल, तारण, भाडेपट्टा, वारसाहक्क, बक्षीस, ताबा किंवा अन्य कोणत्याही स्वरुपात दावा असल्यास त्यांनी सदर सूचना प्रकाशनापासून १४ दिवसांच्या आत आवश्यक दस्तावेजांसह खालील स्वाक्षरीकर्ता यांच्याकडे लेखी कळवावे. अन्यथा असा कोणताही दावा नाही असे समजले जाईल आणि व्यवहार पूर्ण केला जाईल.
सर्व लोकांना कळविण्यात येते की, माझे अशील यांनी सदर मालमत्तेचे मालक यांच्याकडून खरेदी करण्याचे मान्य केले आहे. सदर मालमत्तेबाबत कोणाही व्यक्तीस विक्री, अदलाबदल, तारण, भाडेपट्टा, वारसाहक्क, बक्षीस, ताबा किंवा अन्य कोणत्याही स्वरुपात दावा असल्यास त्यांनी सदर सूचना प्रकाशनापासून १४ दिवसांच्या आत आवश्यक दस्तावेजांसह खालील स्वाक्षरीकर्ता यांच्याकडे लेखी कळवावे. अन्यथा असा कोणताही दावा नाही असे समजले जाईल आणि व्यवहार पूर्ण केला जाईल.
अ.क्र.	कर्जदार / सह-कर्जदार / जामीनदाराचे नाव	मागणी सूचना दिनांक व रक्कम	मालमत्तेचे वर्णन	राखीव किंमत (रु.)	इसारा रक्कम (रु.)	लिलाव दिनांक
1	HE02TWV000095	14.08.2025	सदनिका क्र. ...	रु. 8,50,000	रु. 85,000	28.01.2026
2	HE02TWV000109	24.02.2025	सदनिका क्र. ...	रु. 15,00,000	रु. 1,50,000	28.01.2026
3	HE02TWV000121	11.04.2025	सदनिका क्र. ...	रु. 12,00,000	रु. 1,20,000	28.01.2026
4	HE02TWV000193	23.05.2025	सदनिका क्र. ...	रु. 4,50,000	रु. 45,000	28.01.2026
5	HE02TWV000227	19.06.2025	सदनिका क्र. ...	रु. 9,00,000	रु. 90,000	28.01.2026
6	HE02TWV000251	03.07.2025	सदनिका क्र. ...	रु. 6,10,000	रु. 61,000	28.01.2026
सर्व लोकांना कळविण्यात येते की, माझे अशील यांनी सदर मालमत्तेचे मालक यांच्याकडून खरेदी करण्याचे मान्य केले आहे. सदर मालमत्तेबाबत कोणाही व्यक्तीस विक्री, अदलाबदल, तारण, भाडेपट्टा, वारसाहक्क, बक्षीस, ताबा किंवा अन्य कोणत्याही स्वरुपात दावा असल्यास त्यांनी सदर सूचना प्रकाशनापासून १४ दिवसांच्या आत आवश्यक दस्तावेजांसह खालील स्वाक्षरीकर्ता यांच्याकडे लेखी कळवावे. अन्यथा असा कोणताही दावा नाही असे समजले जाईल आणि व्यवहार पूर्ण केला जाईल.
सर्व लोकांना कळविण्यात येते की, माझे अशील यांनी सदर मालमत्तेचे मालक यांच्याकडून खरेदी करण्याचे मान्य केले आहे. सदर मालमत्तेबाबत कोणाही व्यक्तीस विक्री, अदलाबदल, तारण, भाडेपट्टा, वारसाहक्क, बक्षीस, ताबा किंवा अन्य कोणत्याही स्वरुपात दावा असल्यास त्यांनी सदर सूचना प्रकाशनापासून १४ दिवसांच्या आत आवश्यक दस्तावेजांसह खालील स्वाक्षरीकर्ता यांच्याकडे लेखी कळवावे. अन्यथा असा कोणताही दावा नाही असे समजले जाईल आणि व्यवहार पूर्ण केला जाईल.
सर्व लोकांना कळविण्यात येते की, माझे अशील यांनी सदर मालमत्तेचे मालक यांच्याकडून खरेदी करण्याचे मान्य केले आहे. सदर मालमत्तेबाबत कोणाही व्यक्तीस विक्री, अदलाबदल, तारण, भाडेपट्टा, वारसाहक्क, बक्षीस, ताबा किंवा अन्य कोणत्याही स्वरुपात दावा असल्यास त्यांनी सदर सूचना प्रकाशनापासून १४ दिवसांच्या आत आवश्यक दस्तावेजांसह खालील स्वाक्षरीकर्ता यांच्याकडे लेखी कळवावे. अन्यथा असा कोणताही दावा नाही असे समजले जाईल आणि व्यवहार पूर्ण केला जाईल.
सर्व लोकांना कळविण्यात येते की, माझे अशील यांनी सदर मालमत्तेचे मालक यांच्याकडून खरेदी करण्याचे मान्य केले आहे. सदर मालमत्तेबाबत कोणाही व्यक्तीस विक्री, अदलाबदल, तारण, भाडेपट्टा, वारसाहक्क, बक्षीस, ताबा किंवा अन्य कोणत्याही स्वरुपात दावा असल्यास त्यांनी सदर सूचना प्रकाशनापासून १४ दिवसांच्या आत आवश्यक दस्तावेजांसह खालील स्वाक्षरीकर्ता यांच्याकडे लेखी कळवावे. अन्यथा असा कोणताही दावा नाही असे समजले जाईल आणि व्यवहार पूर्ण केला जाईल.
सर्व लोकांना कळविण्यात येते की, माझे अशील यांनी सदर मालमत्तेचे मालक यांच्याकडून खरेदी करण्याचे मान्य केले आहे. सदर मालमत्तेबाबत कोणाही व्यक्तीस विक्री, अदलाबदल, तारण, भाडेपट्टा, वारसाहक्क, बक्षीस, ताबा किंवा अन्य कोणत्याही स्वरुपात दावा असल्यास त्यांनी सदर सूचना प्रकाशनापासून १४ दिवसांच्या आत आवश्यक दस्तावेजांसह खालील स्वाक्षरीकर्ता यांच्याकडे लेखी कळवावे. अन्यथा असा कोणताही दावा नाही असे समजले जाईल आणि व्यवहार पूर्ण केला जाईल.
मुंबई	14.01.2026
